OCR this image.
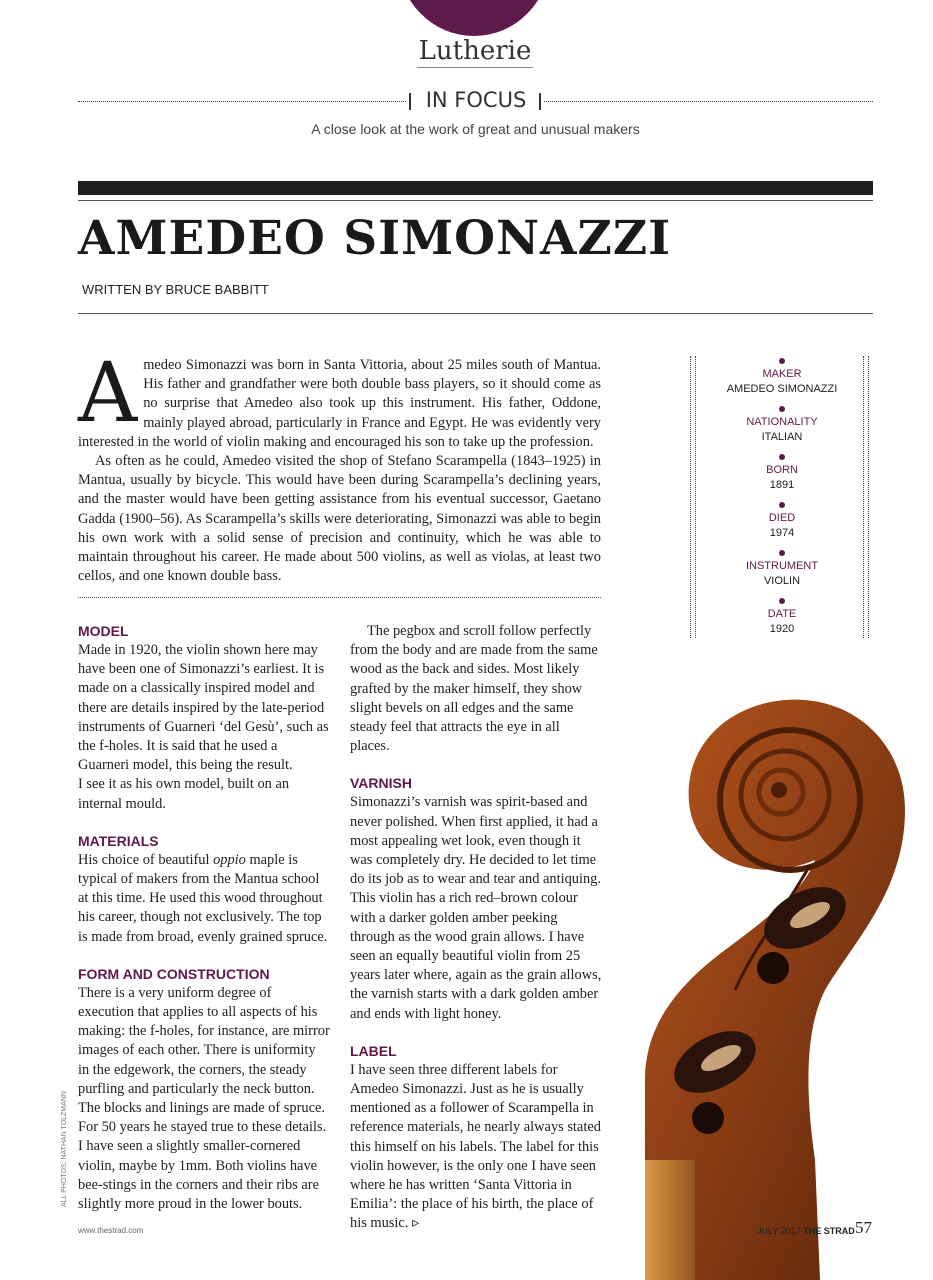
Lutherie
IN FOCUS
A close look at the work of great and unusual makers
AMEDEO SIMONAZZI
WRITTEN BY BRUCE BABBITT

Amedeo Simonazzi was born in Santa Vittoria, about 25 miles south of Mantua. His father and grandfather were both double bass players, so it should come as no surprise that Amedeo also took up this instrument. His father, Oddone, mainly played abroad, particularly in France and Egypt. He was evidently very interested in the world of violin making and encouraged his son to take up the profession.

As often as he could, Amedeo visited the shop of Stefano Scarampella (1843–1925) in Mantua, usually by bicycle. This would have been during Scarampella’s declining years, and the master would have been getting assistance from his eventual successor, Gaetano Gadda (1900–56). As Scarampella’s skills were deteriorating, Simonazzi was able to begin his own work with a solid sense of precision and continuity, which he was able to maintain throughout his career. He made about 500 violins, as well as violas, at least two cellos, and one known double bass.

MODEL

Made in 1920, the violin shown here may have been one of Simonazzi’s earliest. It is made on a classically inspired model and there are details inspired by the late-period instruments of Guarneri ‘del Gesù’, such as the f-holes. It is said that he used a Guarneri model, this being the result.

I see it as his own model, built on an internal mould.

MATERIALS

His choice of beautiful oppio maple is typical of makers from the Mantua school at this time. He used this wood throughout his career, though not exclusively. The top is made from broad, evenly grained spruce.

FORM AND CONSTRUCTION

There is a very uniform degree of execution that applies to all aspects of his making: the f-holes, for instance, are mirror images of each other. There is uniformity in the edgework, the corners, the steady purfling and particularly the neck button. The blocks and linings are made of spruce. For 50 years he stayed true to these details.

I have seen a slightly smaller-cornered violin, maybe by 1mm. Both violins have bee-stings in the corners and their ribs are slightly more proud in the lower bouts.

The pegbox and scroll follow perfectly from the body and are made from the same wood as the back and sides. Most likely grafted by the maker himself, they show slight bevels on all edges and the same steady feel that attracts the eye in all places.

VARNISH

Simonazzi’s varnish was spirit-based and never polished. When first applied, it had a most appealing wet look, even though it was completely dry. He decided to let time do its job as to wear and tear and antiquing. This violin has a rich red–brown colour with a darker golden amber peeking through as the wood grain allows. I have seen an equally beautiful violin from 25 years later where, again as the grain allows, the varnish starts with a dark golden amber and ends with light honey.

LABEL

I have seen three different labels for Amedeo Simonazzi. Just as he is usually mentioned as a follower of Scarampella in reference materials, he nearly always stated this himself on his labels. The label for this violin however, is the only one I have seen where he has written ‘Santa Vittoria in Emilia’: the place of his birth, the place of his music. ▹

MAKER
AMEDEO SIMONAZZI
NATIONALITY
ITALIAN
BORN
1891
DIED
1974
INSTRUMENT
VIOLIN
DATE
1920
ALL PHOTOS: NATHAN TOLZMANN
www.thestrad.com	JULY 2017 THE STRAD 57
